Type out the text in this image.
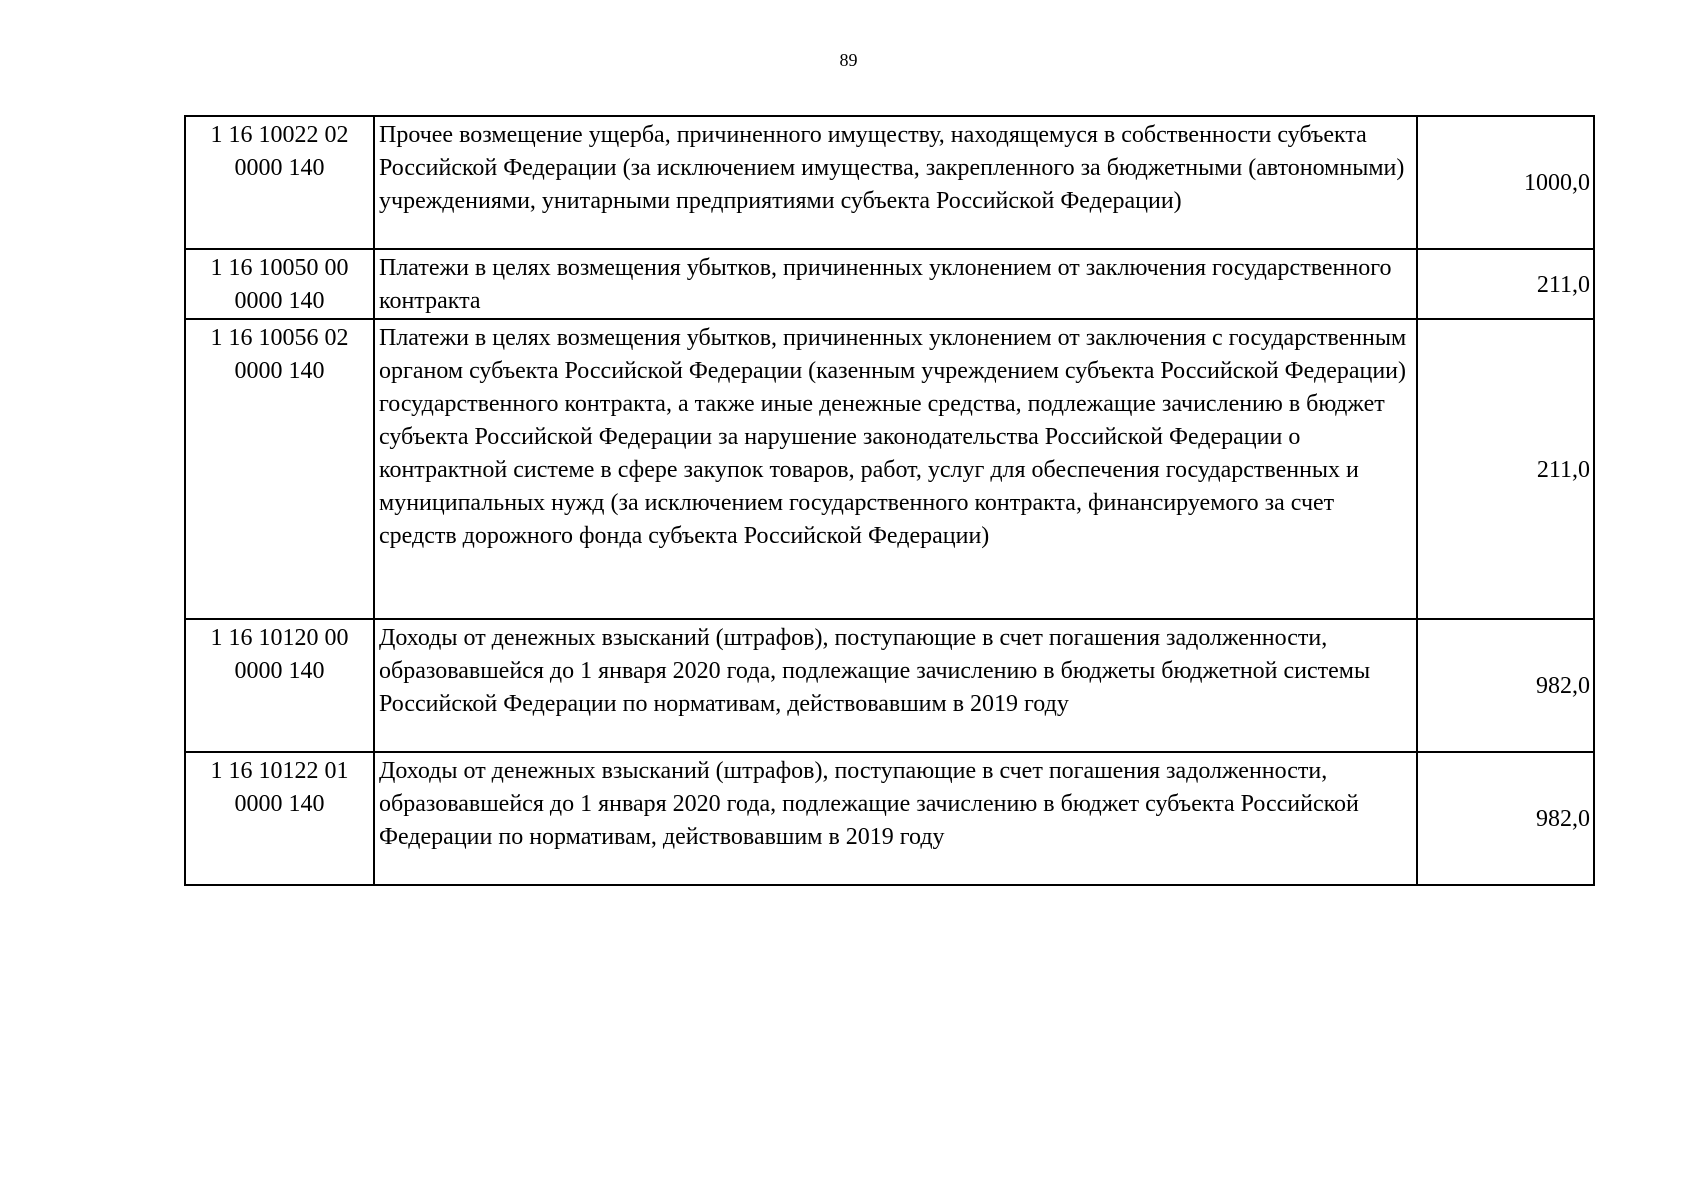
89
1 16 10022 02
0000 140	Прочее возмещение ущерба, причиненного имуществу, находящемуся в собственности субъекта Российской Федерации (за исключением имущества, закрепленного за бюджетными (автономными) учреждениями, унитарными предприятиями субъекта Российской Федерации)	1000,0

1 16 10050 00
0000 140	Платежи в целях возмещения убытков, причиненных уклонением от заключения государственного контракта	211,0

1 16 10056 02
0000 140	Платежи в целях возмещения убытков, причиненных уклонением от заключения с государственным органом субъекта Российской Федерации (казенным учреждением субъекта Российской Федерации) государственного контракта, а также иные денежные средства, подлежащие зачислению в бюджет субъекта Российской Федерации за нарушение законодательства Российской Федерации о контрактной системе в сфере закупок товаров, работ, услуг для обеспечения государственных и муниципальных нужд (за исключением государственного контракта, финансируемого за счет средств дорожного фонда субъекта Российской Федерации)	211,0

1 16 10120 00
0000 140	Доходы от денежных взысканий (штрафов), поступающие в счет погашения задолженности, образовавшейся до 1 января 2020 года, подлежащие зачислению в бюджеты бюджетной системы Российской Федерации по нормативам, действовавшим в 2019 году	982,0

1 16 10122 01
0000 140	Доходы от денежных взысканий (штрафов), поступающие в счет погашения задолженности, образовавшейся до 1 января 2020 года, подлежащие зачислению в бюджет субъекта Российской Федерации по нормативам, действовавшим в 2019 году	982,0
